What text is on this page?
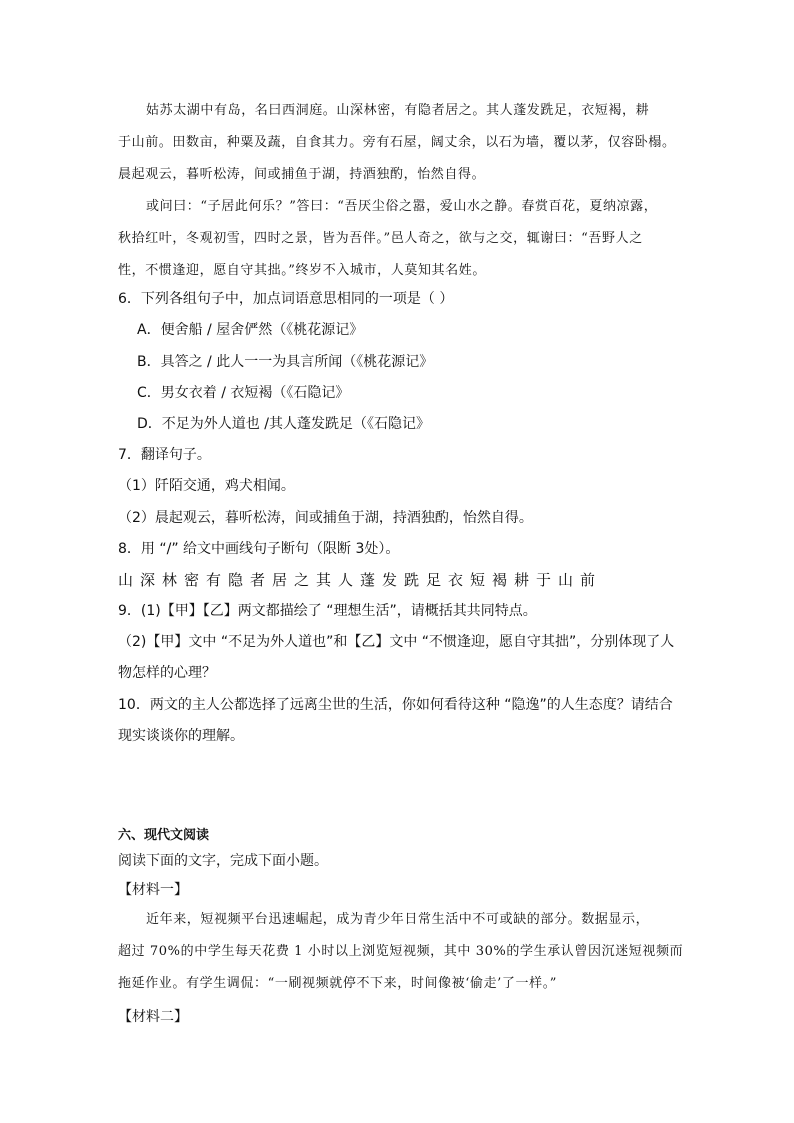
姑苏太湖中有岛，名曰西洞庭。山深林密，有隐者居之。其人蓬发跣足，衣短褐，耕
于山前。田数亩，种粟及蔬，自食其力。旁有石屋，阔丈余，以石为墙，覆以茅，仅容卧榻。
晨起观云，暮听松涛，间或捕鱼于湖，持酒独酌，怡然自得。
或问曰：“子居此何乐？”答曰：“吾厌尘俗之嚣，爱山水之静。春赏百花，夏纳凉露，
秋拾红叶，冬观初雪，四时之景，皆为吾伴。”邑人奇之，欲与之交，辄谢曰：“吾野人之
性，不惯逢迎，愿自守其拙。”终岁不入城市，人莫知其名姓。
6．下列各组句子中，加点词语意思相同的一项是（ ）
A．便舍船 / 屋舍俨然（《桃花源记》
B．具答之 / 此人一一为具言所闻（《桃花源记》
C．男女衣着 / 衣短褐（《石隐记》
D．不足为外人道也 /其人蓬发跣足（《石隐记》
7．翻译句子。
（1）阡陌交通，鸡犬相闻。
（2）晨起观云，暮听松涛，间或捕鱼于湖，持酒独酌，怡然自得。
8．用 “/” 给文中画线句子断句（限断 3处）。
山深林密有隐者居之其人蓬发跣足衣短褐耕于山前
9．(1)【甲】【乙】两文都描绘了 “理想生活”，请概括其共同特点。
（2)【甲】文中 “不足为外人道也”和【乙】文中 “不惯逢迎，愿自守其拙”，分别体现了人
物怎样的心理？
10．两文的主人公都选择了远离尘世的生活，你如何看待这种 “隐逸”的人生态度？请结合
现实谈谈你的理解。
六、现代文阅读
阅读下面的文字，完成下面小题。
【材料一】
近年来，短视频平台迅速崛起，成为青少年日常生活中不可或缺的部分。数据显示，
超过 70%的中学生每天花费 1 小时以上浏览短视频，其中 30%的学生承认曾因沉迷短视频而
拖延作业。有学生调侃：“一刷视频就停不下来，时间像被‘偷走’了一样。”
【材料二】
